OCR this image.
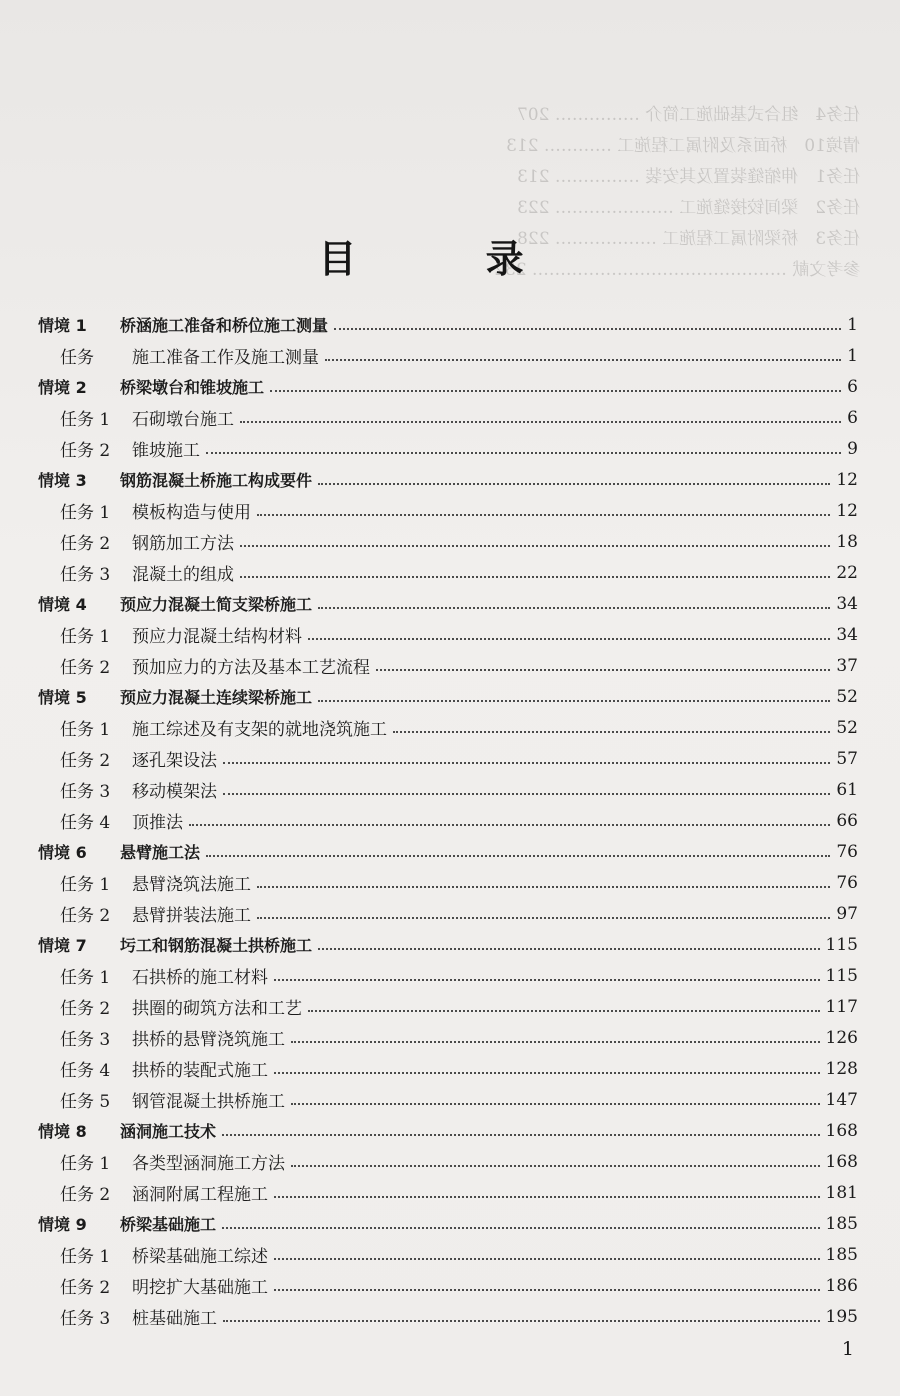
任务4　组合式基础施工简介 …………… 207
情境10　桥面系及附属工程施工 ………… 213
任务1　伸缩缝装置及其安装 …………… 213
任务2　梁间铰接缝施工 ………………… 223
任务3　桥梁附属工程施工 ……………… 228
参考文献 ……………………………………… 232
目 录
情境 1 桥涵施工准备和桥位施工测量	1
任务 施工准备工作及施工测量	1
情境 2 桥梁墩台和锥坡施工	6
任务 1 石砌墩台施工	6
任务 2 锥坡施工	9
情境 3 钢筋混凝土桥施工构成要件	12
任务 1 模板构造与使用	12
任务 2 钢筋加工方法	18
任务 3 混凝土的组成	22
情境 4 预应力混凝土简支梁桥施工	34
任务 1 预应力混凝土结构材料	34
任务 2 预加应力的方法及基本工艺流程	37
情境 5 预应力混凝土连续梁桥施工	52
任务 1 施工综述及有支架的就地浇筑施工	52
任务 2 逐孔架设法	57
任务 3 移动模架法	61
任务 4 顶推法	66
情境 6 悬臂施工法	76
任务 1 悬臂浇筑法施工	76
任务 2 悬臂拼装法施工	97
情境 7 圬工和钢筋混凝土拱桥施工	115
任务 1 石拱桥的施工材料	115
任务 2 拱圈的砌筑方法和工艺	117
任务 3 拱桥的悬臂浇筑施工	126
任务 4 拱桥的装配式施工	128
任务 5 钢管混凝土拱桥施工	147
情境 8 涵洞施工技术	168
任务 1 各类型涵洞施工方法	168
任务 2 涵洞附属工程施工	181
情境 9 桥梁基础施工	185
任务 1 桥梁基础施工综述	185
任务 2 明挖扩大基础施工	186
任务 3 桩基础施工	195
1
